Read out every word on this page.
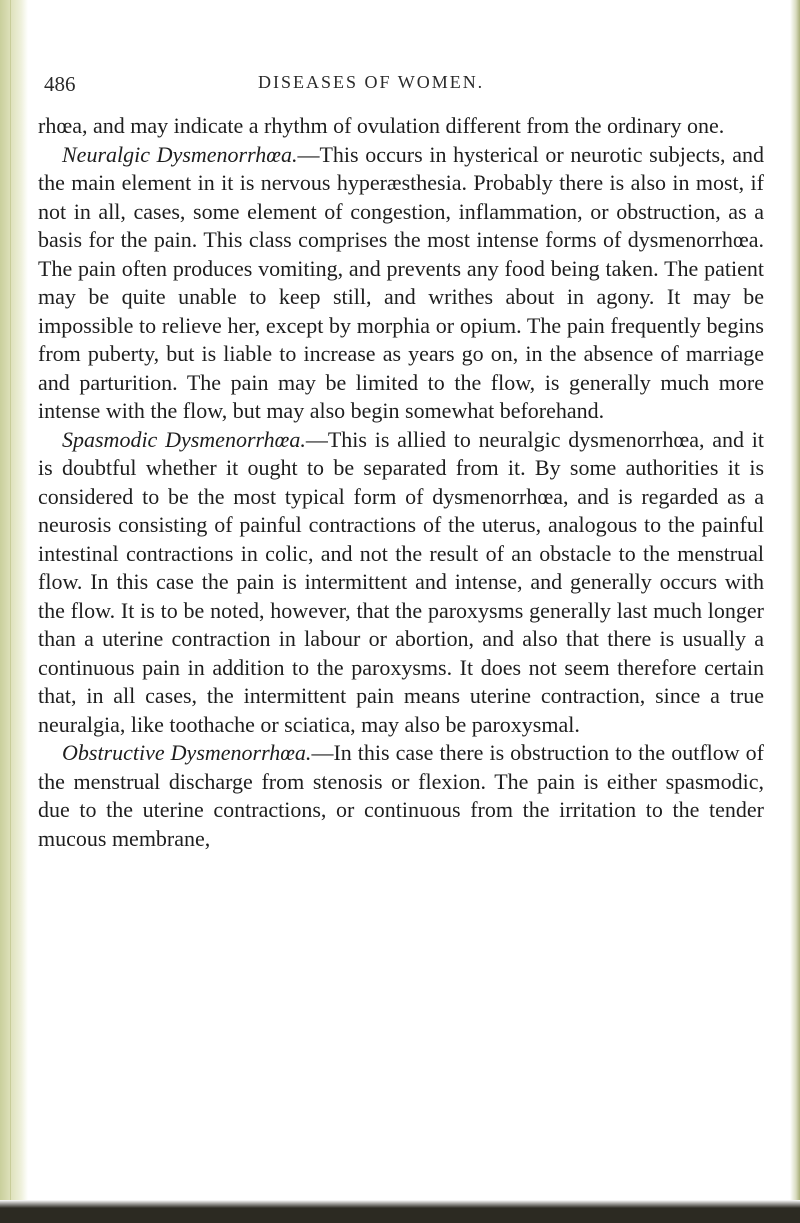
486	DISEASES OF WOMEN.

rhœa, and may indicate a rhythm of ovulation different from the ordinary one.

Neuralgic Dysmenorrhœa.—This occurs in hysterical or neurotic subjects, and the main element in it is nervous hyperæsthesia. Probably there is also in most, if not in all, cases, some element of congestion, inflammation, or obstruction, as a basis for the pain. This class comprises the most intense forms of dysmenorrhœa. The pain often produces vomiting, and prevents any food being taken. The patient may be quite unable to keep still, and writhes about in agony. It may be impossible to relieve her, except by morphia or opium. The pain frequently begins from puberty, but is liable to increase as years go on, in the absence of marriage and parturition. The pain may be limited to the flow, is generally much more intense with the flow, but may also begin somewhat beforehand.

Spasmodic Dysmenorrhœa.—This is allied to neuralgic dysmenorrhœa, and it is doubtful whether it ought to be separated from it. By some authorities it is considered to be the most typical form of dysmenorrhœa, and is regarded as a neurosis consisting of painful contractions of the uterus, analogous to the painful intestinal contractions in colic, and not the result of an obstacle to the menstrual flow. In this case the pain is intermittent and intense, and generally occurs with the flow. It is to be noted, however, that the paroxysms generally last much longer than a uterine contraction in labour or abortion, and also that there is usually a continuous pain in addition to the paroxysms. It does not seem therefore certain that, in all cases, the intermittent pain means uterine contraction, since a true neuralgia, like toothache or sciatica, may also be paroxysmal.

Obstructive Dysmenorrhœa.—In this case there is obstruction to the outflow of the menstrual discharge from stenosis or flexion. The pain is either spasmodic, due to the uterine contractions, or continuous from the irritation to the tender mucous membrane,
